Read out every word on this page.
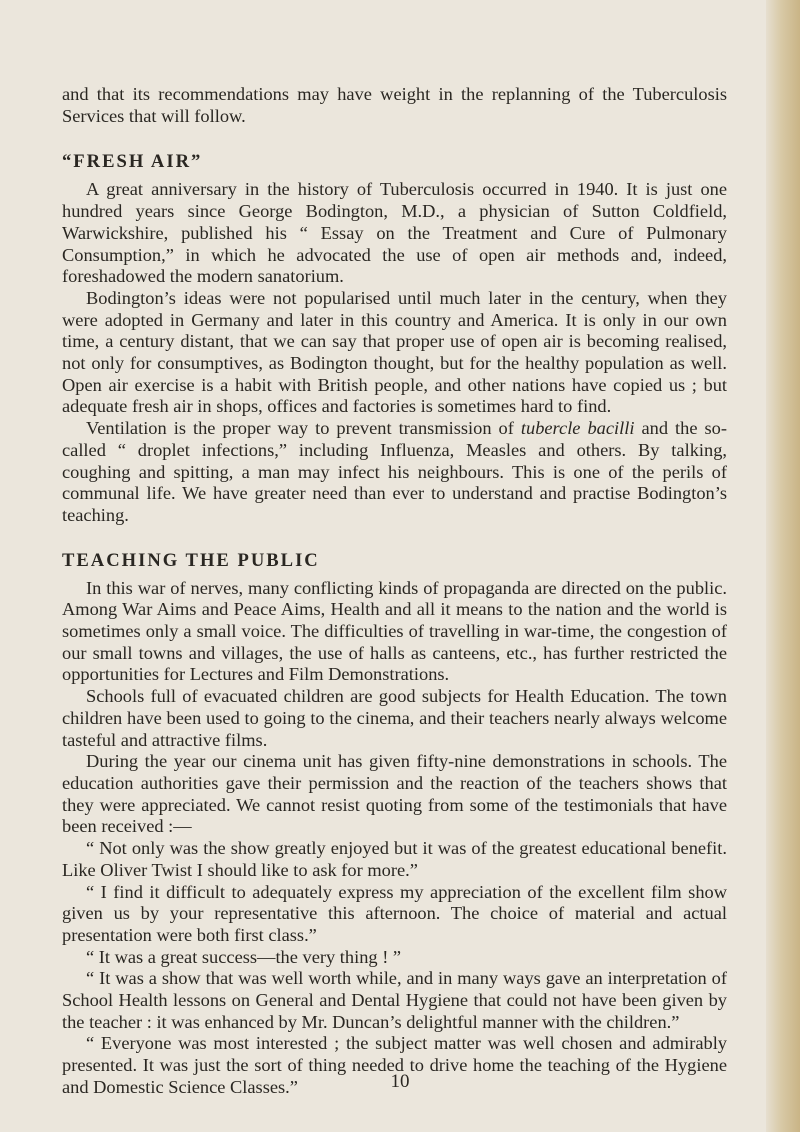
and that its recommendations may have weight in the replanning of the Tuberculosis Services that will follow.

“FRESH AIR”

A great anniversary in the history of Tuberculosis occurred in 1940. It is just one hundred years since George Bodington, M.D., a physician of Sutton Coldfield, Warwickshire, published his “ Essay on the Treatment and Cure of Pulmonary Consumption,” in which he advocated the use of open air methods and, indeed, foreshadowed the modern sanatorium.

Bodington’s ideas were not popularised until much later in the century, when they were adopted in Germany and later in this country and America. It is only in our own time, a century distant, that we can say that proper use of open air is becoming realised, not only for consumptives, as Bodington thought, but for the healthy population as well. Open air exercise is a habit with British people, and other nations have copied us ; but adequate fresh air in shops, offices and factories is sometimes hard to find.

Ventilation is the proper way to prevent transmission of tubercle bacilli and the so-called “ droplet infections,” including Influenza, Measles and others. By talking, coughing and spitting, a man may infect his neighbours. This is one of the perils of communal life. We have greater need than ever to understand and practise Bodington’s teaching.

TEACHING THE PUBLIC

In this war of nerves, many conflicting kinds of propaganda are directed on the public. Among War Aims and Peace Aims, Health and all it means to the nation and the world is sometimes only a small voice. The difficulties of travelling in war-time, the congestion of our small towns and villages, the use of halls as canteens, etc., has further restricted the opportunities for Lectures and Film Demonstrations.

Schools full of evacuated children are good subjects for Health Education. The town children have been used to going to the cinema, and their teachers nearly always welcome tasteful and attractive films.

During the year our cinema unit has given fifty-nine demonstrations in schools. The education authorities gave their permission and the reaction of the teachers shows that they were appreciated. We cannot resist quoting from some of the testimonials that have been received :—

“ Not only was the show greatly enjoyed but it was of the greatest educational benefit. Like Oliver Twist I should like to ask for more.”

“ I find it difficult to adequately express my appreciation of the excellent film show given us by your representative this afternoon. The choice of material and actual presentation were both first class.”

“ It was a great success—the very thing ! ”

“ It was a show that was well worth while, and in many ways gave an interpretation of School Health lessons on General and Dental Hygiene that could not have been given by the teacher : it was enhanced by Mr. Duncan’s delightful manner with the children.”

“ Everyone was most interested ; the subject matter was well chosen and admirably presented. It was just the sort of thing needed to drive home the teaching of the Hygiene and Domestic Science Classes.”	10
